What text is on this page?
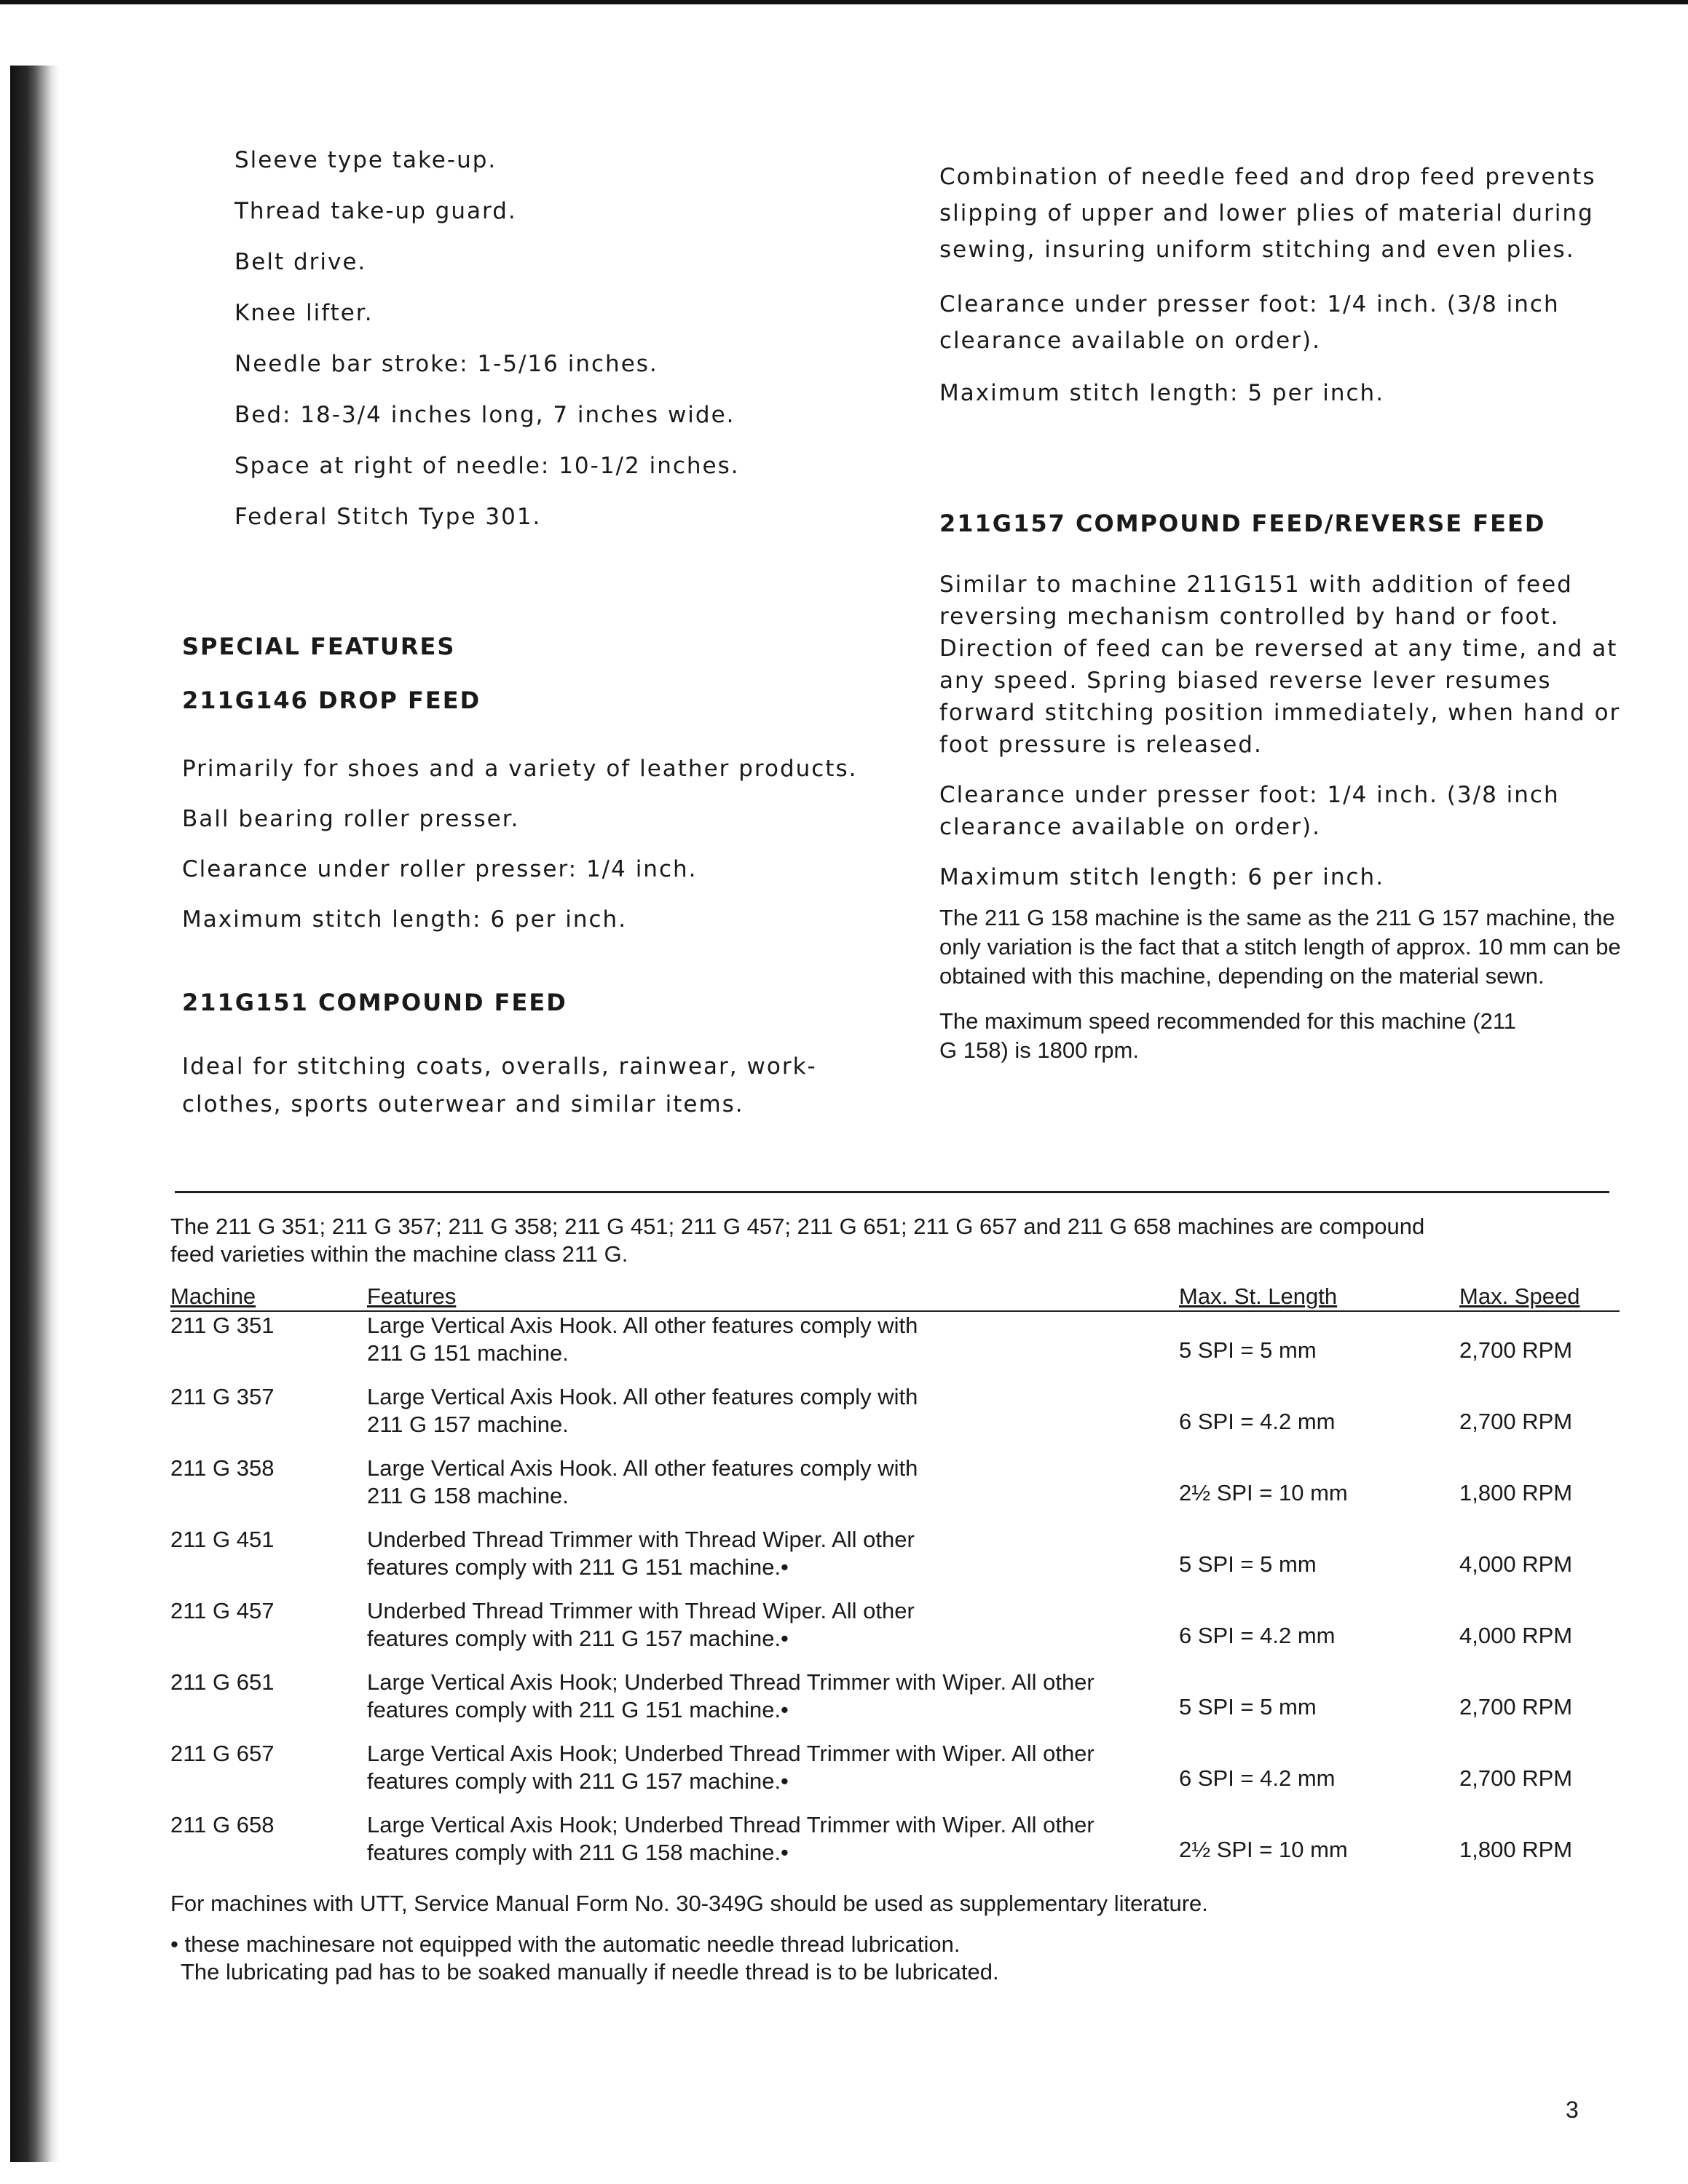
Sleeve type take-up.

Thread take-up guard.

Belt drive.

Knee lifter.

Needle bar stroke: 1-5/16 inches.

Bed: 18-3/4 inches long, 7 inches wide.

Space at right of needle: 10-1/2 inches.

Federal Stitch Type 301.

SPECIAL FEATURES

211G146 DROP FEED

Primarily for shoes and a variety of leather products.

Ball bearing roller presser.

Clearance under roller presser: 1/4 inch.

Maximum stitch length: 6 per inch.

211G151 COMPOUND FEED

Ideal for stitching coats, overalls, rainwear, work-clothes, sports outerwear and similar items.

Combination of needle feed and drop feed prevents slipping of upper and lower plies of material during sewing, insuring uniform stitching and even plies.

Clearance under presser foot: 1/4 inch. (3/8 inch clearance available on order).

Maximum stitch length: 5 per inch.

211G157 COMPOUND FEED/REVERSE FEED

Similar to machine 211G151 with addition of feed reversing mechanism controlled by hand or foot. Direction of feed can be reversed at any time, and at any speed. Spring biased reverse lever resumes forward stitching position immediately, when hand or foot pressure is released.

Clearance under presser foot: 1/4 inch. (3/8 inch clearance available on order).

Maximum stitch length: 6 per inch.

The 211 G 158 machine is the same as the 211 G 157 machine, the only variation is the fact that a stitch length of approx. 10 mm can be obtained with this machine, depending on the material sewn.

The maximum speed recommended for this machine (211 G 158) is 1800 rpm.

The 211 G 351; 211 G 357; 211 G 358; 211 G 451; 211 G 457; 211 G 651; 211 G 657 and 211 G 658 machines are compound feed varieties within the machine class 211 G.

Machine	Features	Max. St. Length	Max. Speed
211 G 351	Large Vertical Axis Hook. All other features comply with 211 G 151 machine.	5 SPI = 5 mm	2,700 RPM
211 G 357	Large Vertical Axis Hook. All other features comply with 211 G 157 machine.	6 SPI = 4.2 mm	2,700 RPM
211 G 358	Large Vertical Axis Hook. All other features comply with 211 G 158 machine.	2½ SPI = 10 mm	1,800 RPM
211 G 451	Underbed Thread Trimmer with Thread Wiper. All other features comply with 211 G 151 machine.•	5 SPI = 5 mm	4,000 RPM
211 G 457	Underbed Thread Trimmer with Thread Wiper. All other features comply with 211 G 157 machine.•	6 SPI = 4.2 mm	4,000 RPM
211 G 651	Large Vertical Axis Hook; Underbed Thread Trimmer with Wiper. All other features comply with 211 G 151 machine.•	5 SPI = 5 mm	2,700 RPM
211 G 657	Large Vertical Axis Hook; Underbed Thread Trimmer with Wiper. All other features comply with 211 G 157 machine.•	6 SPI = 4.2 mm	2,700 RPM
211 G 658	Large Vertical Axis Hook; Underbed Thread Trimmer with Wiper. All other features comply with 211 G 158 machine.•	2½ SPI = 10 mm	1,800 RPM

For machines with UTT, Service Manual Form No. 30-349G should be used as supplementary literature.

• these machinesare not equipped with the automatic needle thread lubrication.

The lubricating pad has to be soaked manually if needle thread is to be lubricated.

3
